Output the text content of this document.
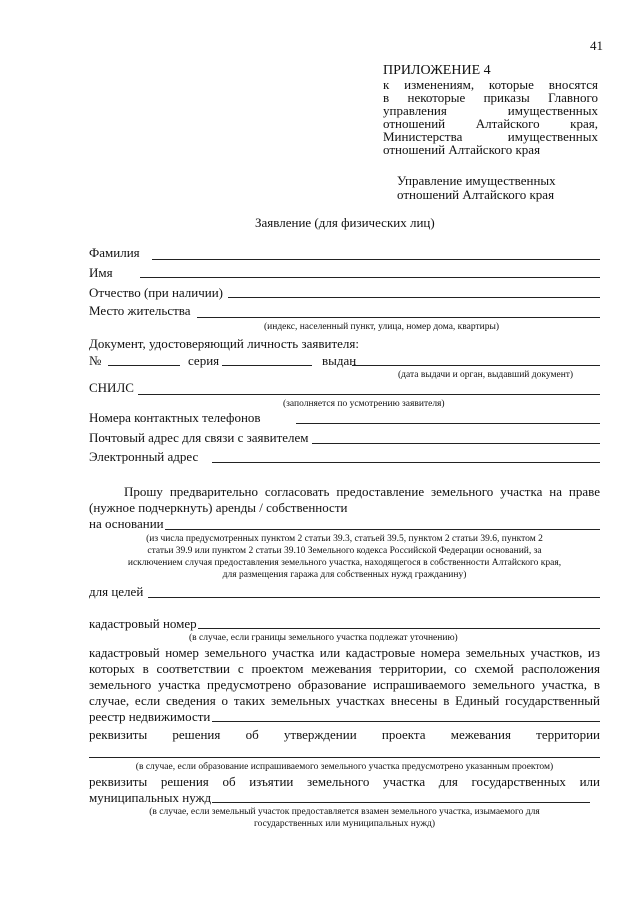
41
ПРИЛОЖЕНИЕ 4
к изменениям, которые вносятся
в некоторые приказы Главного
управления имущественных
отношений Алтайского края,
Министерства имущественных
отношений Алтайского края
Управление имущественных
отношений Алтайского края
Заявление (для физических лиц)
Фамилия
Имя
Отчество (при наличии)
Место жительства
(индекс, населенный пункт, улица, номер дома, квартиры)
Документ, удостоверяющий личность заявителя:
№	серия	выдан
(дата выдачи и орган, выдавший документ)
СНИЛС
(заполняется по усмотрению заявителя)
Номера контактных телефонов
Почтовый адрес для связи с заявителем
Электронный адрес
Прошу предварительно согласовать предоставление земельного участка на праве
(нужное подчеркнуть) аренды / собственности
на основании
(из числа предусмотренных пунктом 2 статьи 39.3, статьей 39.5, пунктом 2 статьи 39.6, пунктом 2
статьи 39.9 или пунктом 2 статьи 39.10 Земельного кодекса Российской Федерации оснований, за
исключением случая предоставления земельного участка, находящегося в собственности Алтайского края,
для размещения гаража для собственных нужд гражданину)
для целей
кадастровый номер
(в случае, если границы земельного участка подлежат уточнению)
кадастровый номер земельного участка или кадастровые номера земельных участков, из
которых в соответствии с проектом межевания территории, со схемой расположения
земельного участка предусмотрено образование испрашиваемого земельного участка, в
случае, если сведения о таких земельных участках внесены в Единый государственный
реестр недвижимости
реквизиты решения об утверждении проекта межевания территории
(в случае, если образование испрашиваемого земельного участка предусмотрено указанным проектом)
реквизиты решения об изъятии земельного участка для государственных или
муниципальных нужд
(в случае, если земельный участок предоставляется взамен земельного участка, изымаемого для
государственных или муниципальных нужд)
